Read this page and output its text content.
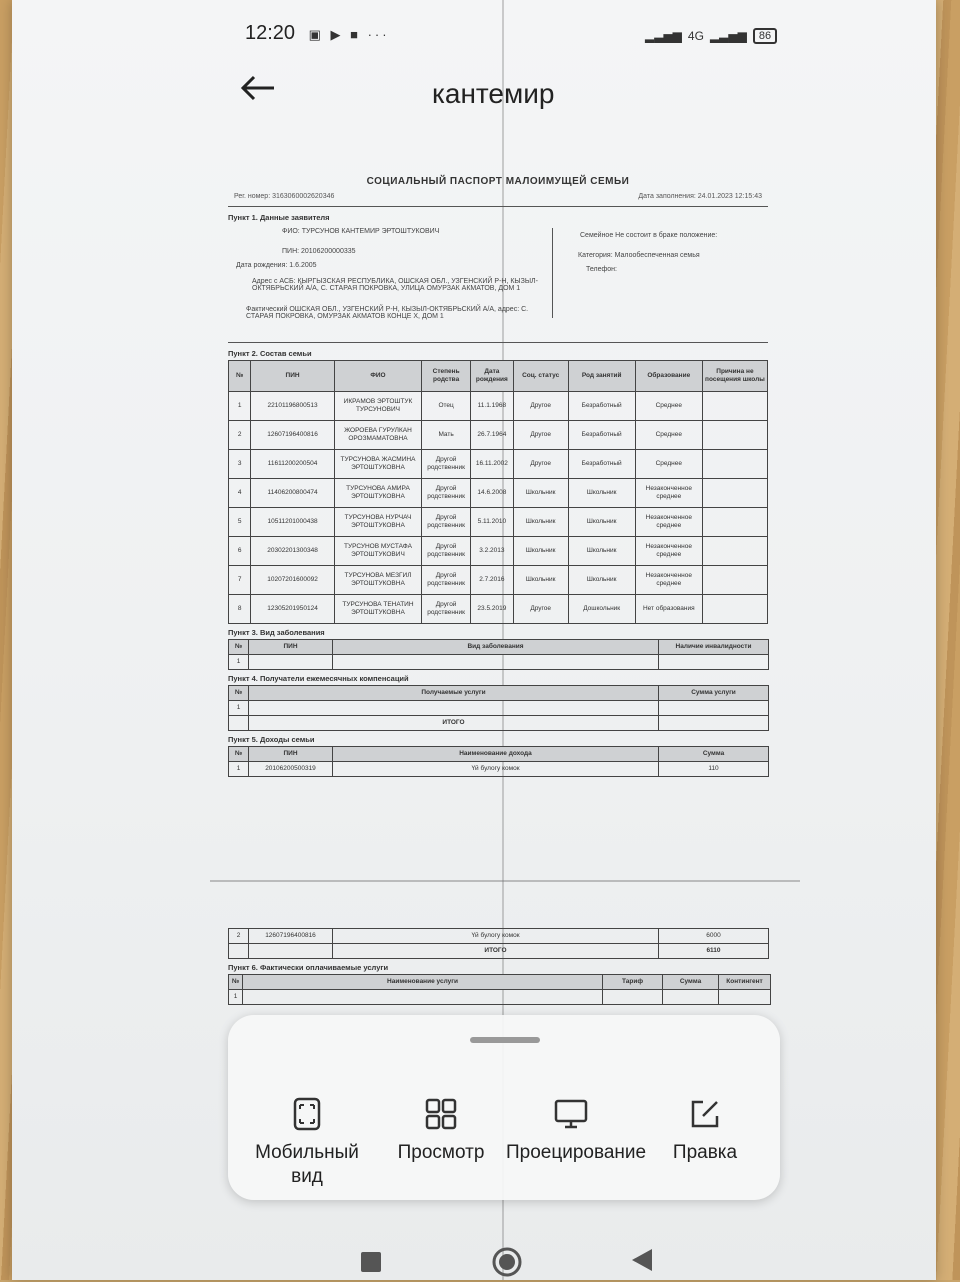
12:20 ▣ ▶ ■ ···	▂▃▅▆ 4G ▂▃▅▆	86
кантемир
СОЦИАЛЬНЫЙ ПАСПОРТ МАЛОИМУЩЕЙ СЕМЬИ
Рег. номер: 3163060002620346	Дата заполнения: 24.01.2023 12:15:43
Пункт 1. Данные заявителя
ФИО: ТУРСУНОВ КАНТЕМИР ЭРТОШТУКОВИЧ
ПИН: 20106200000335
Дата рождения: 1.6.2005
Адрес с АСБ: КЫРГЫЗСКАЯ РЕСПУБЛИКА, ОШСКАЯ ОБЛ., УЗГЕНСКИЙ Р-Н, КЫЗЫЛ-ОКТЯБРЬСКИЙ А/А, С. СТАРАЯ ПОКРОВКА, УЛИЦА ОМУРЗАК АКМАТОВ, ДОМ 1
Фактический ОШСКАЯ ОБЛ., УЗГЕНСКИЙ Р-Н, КЫЗЫЛ-ОКТЯБРЬСКИЙ А/А, адрес: С. СТАРАЯ ПОКРОВКА, ОМУРЗАК АКМАТОВ КОНЦЕ Х, ДОМ 1
Семейное Не состоит в браке положение:
Категория: Малообеспеченная семья
Телефон:
Пункт 2. Состав семьи
№	ПИН	ФИО	Степень родства	Дата рождения	Соц. статус	Род занятий	Образование	Причина не посещения школы
1	22101196800513	ИКРАМОВ ЭРТОШТУК ТУРСУНОВИЧ	Отец	11.1.1968	Другое	Безработный	Среднее	
2	12607196400816	ЖОРОЕВА ГУРУЛКАН ОРОЗМАМАТОВНА	Мать	26.7.1964	Другое	Безработный	Среднее	
3	11611200200504	ТУРСУНОВА ЖАСМИНА ЭРТОШТУКОВНА	Другой родственник	16.11.2002	Другое	Безработный	Среднее	
4	11406200800474	ТУРСУНОВА АМИРА ЭРТОШТУКОВНА	Другой родственник	14.6.2008	Школьник	Школьник	Незаконченное среднее	
5	10511201000438	ТУРСУНОВА НУРЧАЧ ЭРТОШТУКОВНА	Другой родственник	5.11.2010	Школьник	Школьник	Незаконченное среднее	
6	20302201300348	ТУРСУНОВ МУСТАФА ЭРТОШТУКОВИЧ	Другой родственник	3.2.2013	Школьник	Школьник	Незаконченное среднее	
7	10207201600092	ТУРСУНОВА МЕЗГИЛ ЭРТОШТУКОВНА	Другой родственник	2.7.2016	Школьник	Школьник	Незаконченное среднее	
8	12305201950124	ТУРСУНОВА ТЕНАТИН ЭРТОШТУКОВНА	Другой родственник	23.5.2019	Другое	Дошкольник	Нет образования	
Пункт 3. Вид заболевания
№	ПИН	Вид заболевания	Наличие инвалидности
1			
Пункт 4. Получатели ежемесячных компенсаций
№	Получаемые услуги	Сумма услуги
1		
	ИТОГО	
Пункт 5. Доходы семьи
№	ПИН	Наименование дохода	Сумма
1	20106200500319	Үй булогу комок	110
2	12607196400816	Үй булогу комок	6000
		ИТОГО	6110
Пункт 6. Фактически оплачиваемые услуги
№	Наименование услуги	Тариф	Сумма	Контингент
1				
Мобильный вид
Просмотр	Проецирование	Правка
